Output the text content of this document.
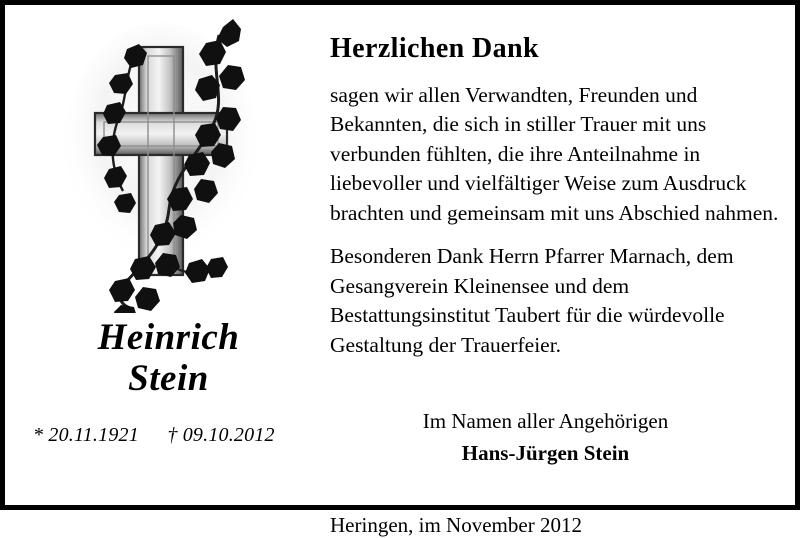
Heinrich
Stein
* 20.11.1921 † 09.10.2012
Herzlichen Dank

sagen wir allen Verwandten, Freunden und Bekannten, die sich in stiller Trauer mit uns verbunden fühlten, die ihre Anteilnahme in liebevoller und vielfältiger Weise zum Ausdruck brachten und gemeinsam mit uns Abschied nahmen.

Besonderen Dank Herrn Pfarrer Marnach, dem Gesangverein Kleinensee und dem Bestattungsinstitut Taubert für die würdevolle Gestaltung der Trauerfeier.

Im Namen aller Angehörigen
Hans-Jürgen Stein
Heringen, im November 2012
